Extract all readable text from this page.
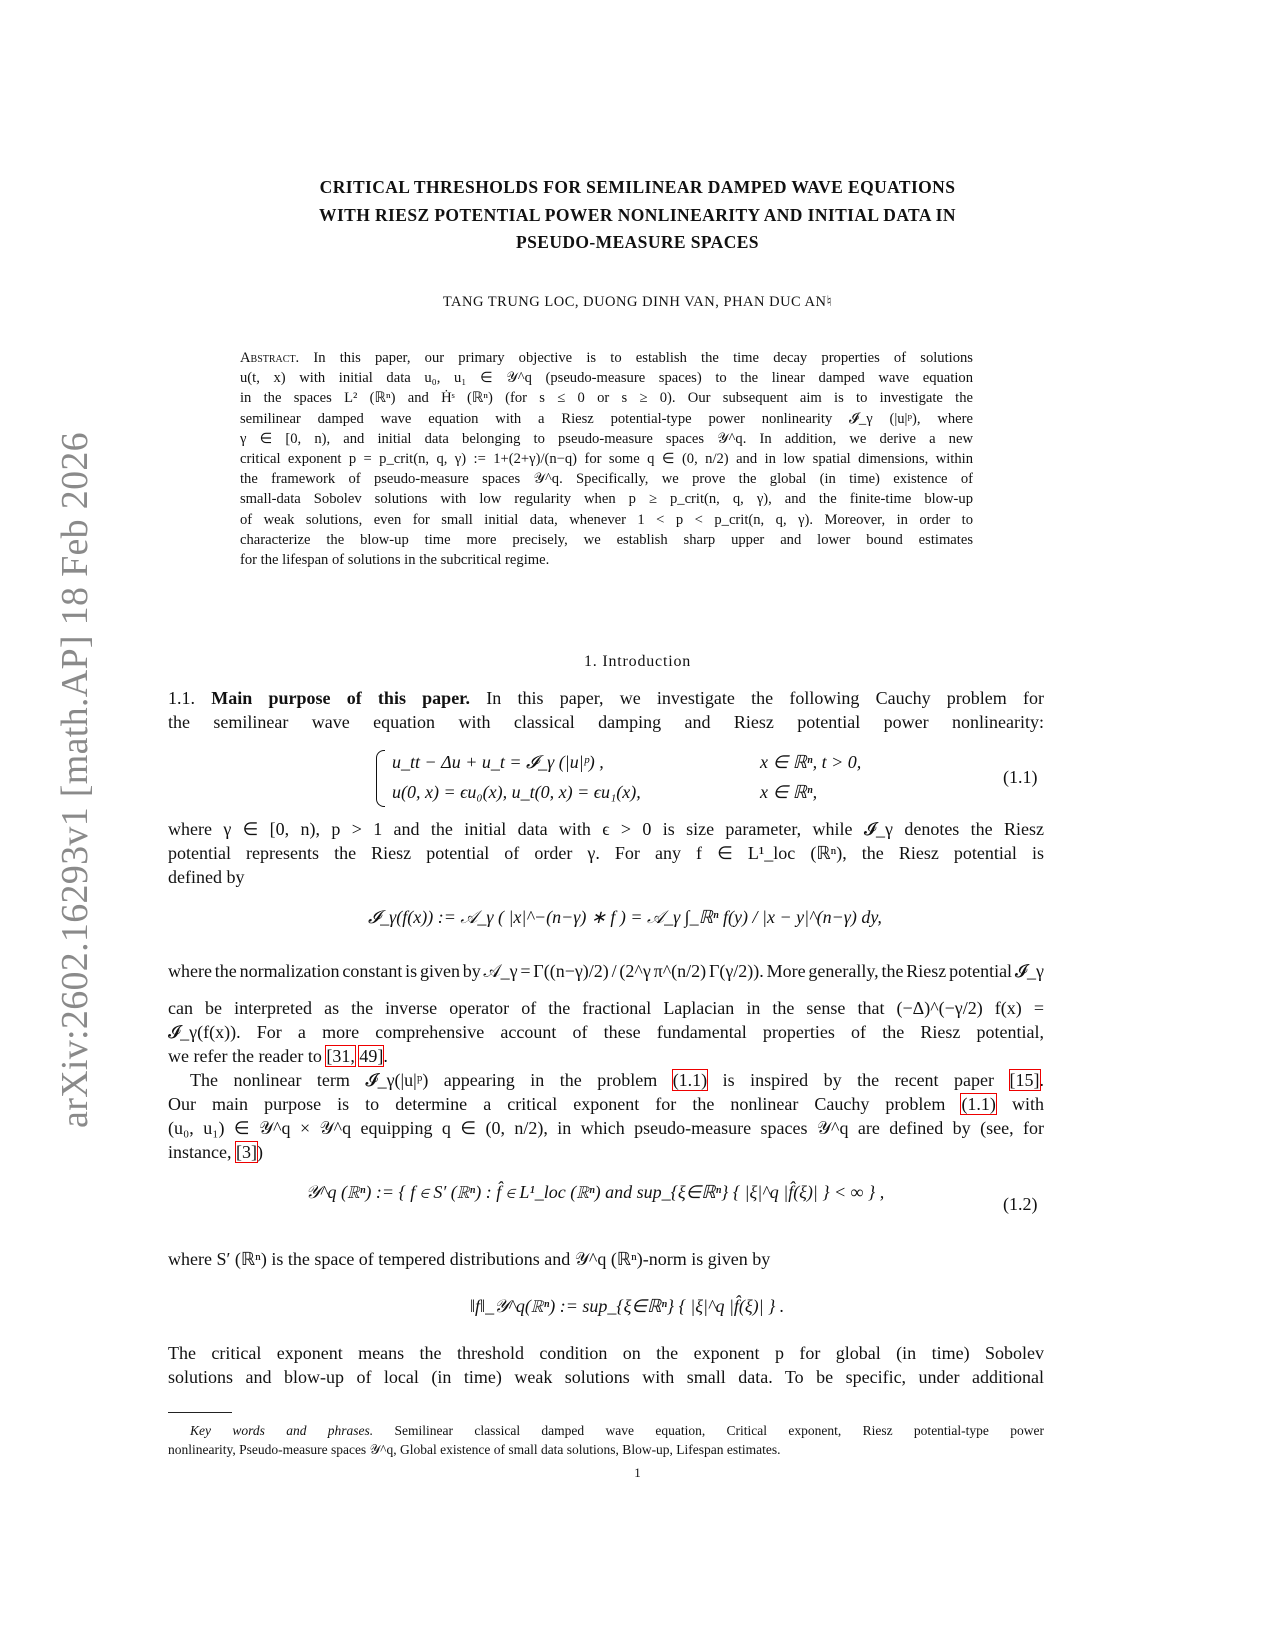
arXiv:2602.16293v1 [math.AP] 18 Feb 2026
CRITICAL THRESHOLDS FOR SEMILINEAR DAMPED WAVE EQUATIONS
WITH RIESZ POTENTIAL POWER NONLINEARITY AND INITIAL DATA IN
PSEUDO-MEASURE SPACES
TANG TRUNG LOC, DUONG DINH VAN, PHAN DUC AN♮
Abstract. In this paper, our primary objective is to establish the time decay properties of solutions
u(t, x) with initial data u₀, u₁ ∈ 𝒴^q (pseudo-measure spaces) to the linear damped wave equation
in the spaces L² (ℝⁿ) and Ḣˢ (ℝⁿ) (for s ≤ 0 or s ≥ 0). Our subsequent aim is to investigate the
semilinear damped wave equation with a Riesz potential-type power nonlinearity 𝓘_γ (|u|ᵖ), where
γ ∈ [0, n), and initial data belonging to pseudo-measure spaces 𝒴^q. In addition, we derive a new
critical exponent p = p_crit(n, q, γ) := 1+(2+γ)/(n−q) for some q ∈ (0, n/2) and in low spatial dimensions, within
the framework of pseudo-measure spaces 𝒴^q. Specifically, we prove the global (in time) existence of
small-data Sobolev solutions with low regularity when p ≥ p_crit(n, q, γ), and the finite-time blow-up
of weak solutions, even for small initial data, whenever 1 < p < p_crit(n, q, γ). Moreover, in order to
characterize the blow-up time more precisely, we establish sharp upper and lower bound estimates
for the lifespan of solutions in the subcritical regime.
1. Introduction
1.1. Main purpose of this paper. In this paper, we investigate the following Cauchy problem for
the semilinear wave equation with classical damping and Riesz potential power nonlinearity:
u_tt − Δu + u_t = 𝓘_γ (|u|ᵖ) ,	x ∈ ℝⁿ, t > 0,
u(0, x) = ϵu₀(x), u_t(0, x) = ϵu₁(x),	x ∈ ℝⁿ,
(1.1)
where γ ∈ [0, n), p > 1 and the initial data with ϵ > 0 is size parameter, while 𝓘_γ denotes the Riesz
potential represents the Riesz potential of order γ. For any f ∈ L¹_loc (ℝⁿ), the Riesz potential is
defined by
𝓘_γ(f(x)) := 𝒜_γ ( |x|^−(n−γ) ∗ f ) = 𝒜_γ ∫_ℝⁿ f(y) / |x − y|^(n−γ) dy,
where the normalization constant is given by 𝒜_γ = Γ((n−γ)/2) / (2^γ π^(n/2) Γ(γ/2)). More generally, the Riesz potential 𝓘_γ
can be interpreted as the inverse operator of the fractional Laplacian in the sense that (−Δ)^(−γ/2) f(x) =
𝓘_γ(f(x)). For a more comprehensive account of these fundamental properties of the Riesz potential,
we refer the reader to [31, 49].
The nonlinear term 𝓘_γ(|u|ᵖ) appearing in the problem (1.1) is inspired by the recent paper [15].
Our main purpose is to determine a critical exponent for the nonlinear Cauchy problem (1.1) with
(u₀, u₁) ∈ 𝒴^q × 𝒴^q equipping q ∈ (0, n/2), in which pseudo-measure spaces 𝒴^q are defined by (see, for
instance, [3])
𝒴^q (ℝⁿ) := { f ∈ S′ (ℝⁿ) : f̂ ∈ L¹_loc (ℝⁿ) and sup_{ξ∈ℝⁿ} { |ξ|^q |f̂(ξ)| } < ∞ } ,
(1.2)
where S′ (ℝⁿ) is the space of tempered distributions and 𝒴^q (ℝⁿ)-norm is given by
‖f‖_𝒴^q(ℝⁿ) := sup_{ξ∈ℝⁿ} { |ξ|^q |f̂(ξ)| } .
The critical exponent means the threshold condition on the exponent p for global (in time) Sobolev
solutions and blow-up of local (in time) weak solutions with small data. To be specific, under additional
Key words and phrases. Semilinear classical damped wave equation, Critical exponent, Riesz potential-type power
nonlinearity, Pseudo-measure spaces 𝒴^q, Global existence of small data solutions, Blow-up, Lifespan estimates.
1
